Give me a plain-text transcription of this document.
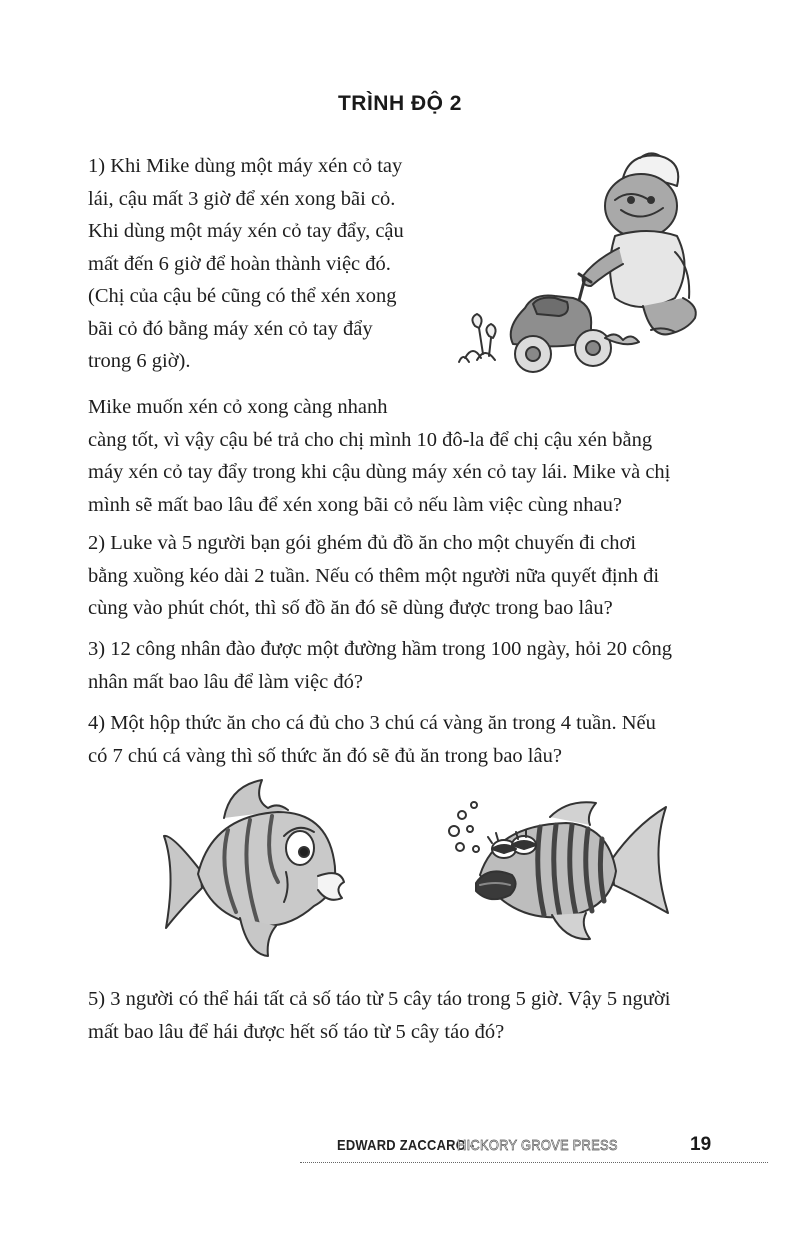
TRÌNH ĐỘ 2

1) Khi Mike dùng một máy xén cỏ tay
lái, cậu mất 3 giờ để xén xong bãi cỏ.
Khi dùng một máy xén cỏ tay đẩy, cậu
mất đến 6 giờ để hoàn thành việc đó.
(Chị của cậu bé cũng có thể xén xong
bãi cỏ đó bằng máy xén cỏ tay đẩy
trong 6 giờ).

Mike muốn xén cỏ xong càng nhanh
càng tốt, vì vậy cậu bé trả cho chị mình 10 đô-la để chị cậu xén bằng
máy xén cỏ tay đẩy trong khi cậu dùng máy xén cỏ tay lái. Mike và chị
mình sẽ mất bao lâu để xén xong bãi cỏ nếu làm việc cùng nhau?

2) Luke và 5 người bạn gói ghém đủ đồ ăn cho một chuyến đi chơi
bằng xuồng kéo dài 2 tuần. Nếu có thêm một người nữa quyết định đi
cùng vào phút chót, thì số đồ ăn đó sẽ dùng được trong bao lâu?

3) 12 công nhân đào được một đường hầm trong 100 ngày, hỏi 20 công
nhân mất bao lâu để làm việc đó?

4) Một hộp thức ăn cho cá đủ cho 3 chú cá vàng ăn trong 4 tuần. Nếu
có 7 chú cá vàng thì số thức ăn đó sẽ đủ ăn trong bao lâu?

5) 3 người có thể hái tất cả số táo từ 5 cây táo trong 5 giờ. Vậy 5 người
mất bao lâu để hái được hết số táo từ 5 cây táo đó?

EDWARD ZACCARO -
HICKORY GROVE PRESS	19
